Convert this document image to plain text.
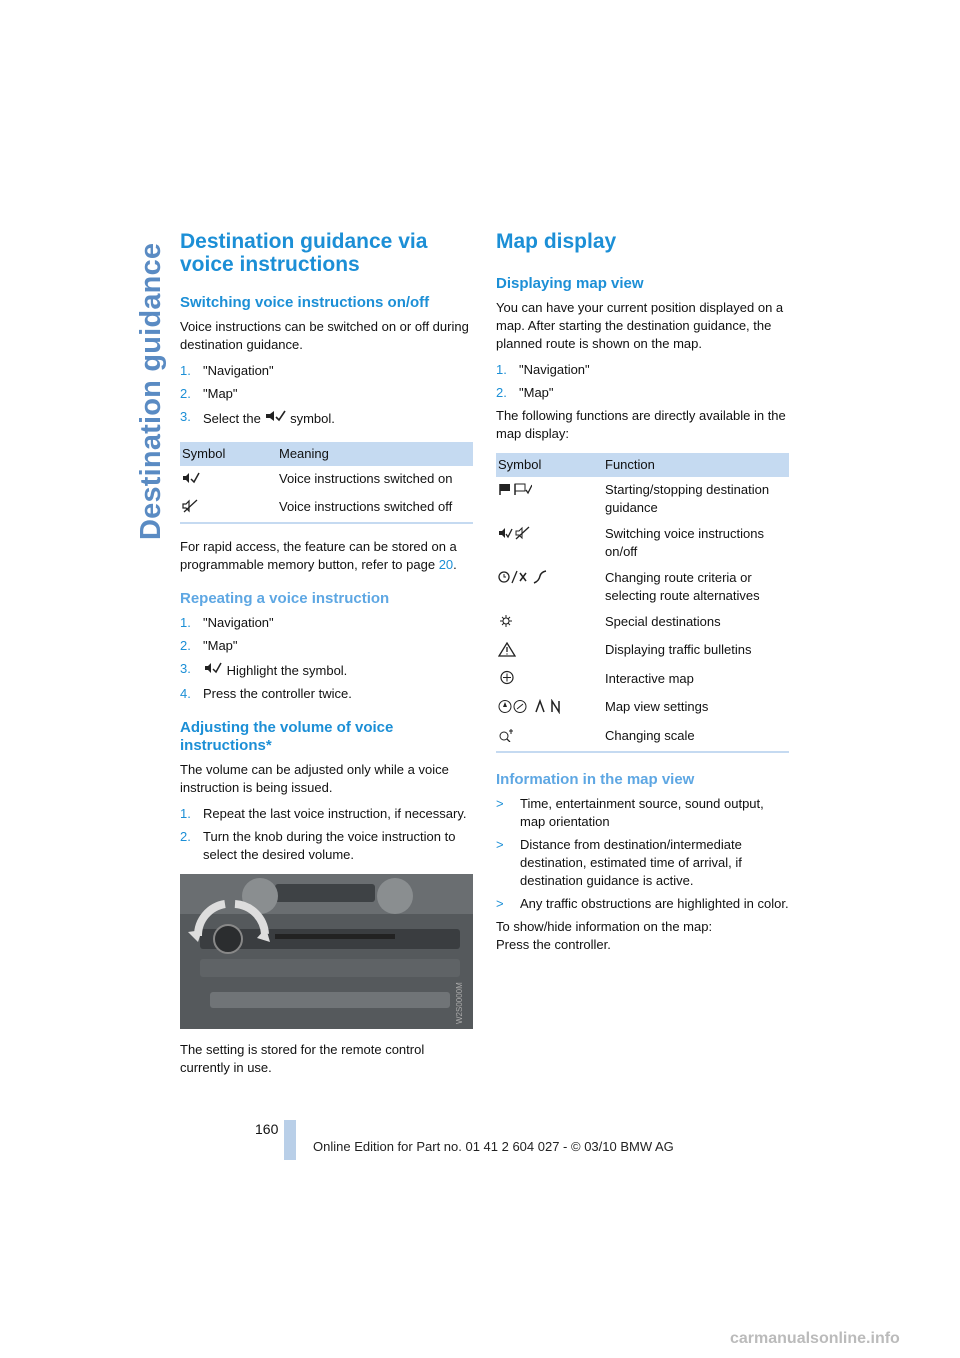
Destination guidance
Destination guidance via voice instructions
Switching voice instructions on/off

Voice instructions can be switched on or off during destination guidance.

1. "Navigation"
2. "Map"
3. Select the symbol.
Symbol	Meaning

	Voice instructions switched on

	Voice instructions switched off

For rapid access, the feature can be stored on a programmable memory button, refer to page 20.

Repeating a voice instruction
1. "Navigation"
2. "Map"
3.	Highlight the symbol.
4. Press the controller twice.
Adjusting the volume of voice instructions*

The volume can be adjusted only while a voice instruction is being issued.

1. Repeat the last voice instruction, if necessary.
2. Turn the knob during the voice instruction to select the desired volume.
W2S0000M

The setting is stored for the remote control currently in use.

Map display
Displaying map view

You can have your current position displayed on a map. After starting the destination guidance, the planned route is shown on the map.

1. "Navigation"
2. "Map"

The following functions are directly available in the map display:

Symbol	Function

	Starting/stopping destination guidance

	Switching voice instructions on/off

	Changing route criteria or selecting route alternatives

	Special destinations

	Displaying traffic bulletins

	Interactive map

	Map view settings

	Changing scale
Information in the map view
>	Time, entertainment source, sound output, map orientation
>	Distance from destination/intermediate destination, estimated time of arrival, if destination guidance is active.
>	Any traffic obstructions are highlighted in color.

To show/hide information on the map:
Press the controller.

160
Online Edition for Part no. 01 41 2 604 027 - © 03/10 BMW AG
carmanualsonline.info
